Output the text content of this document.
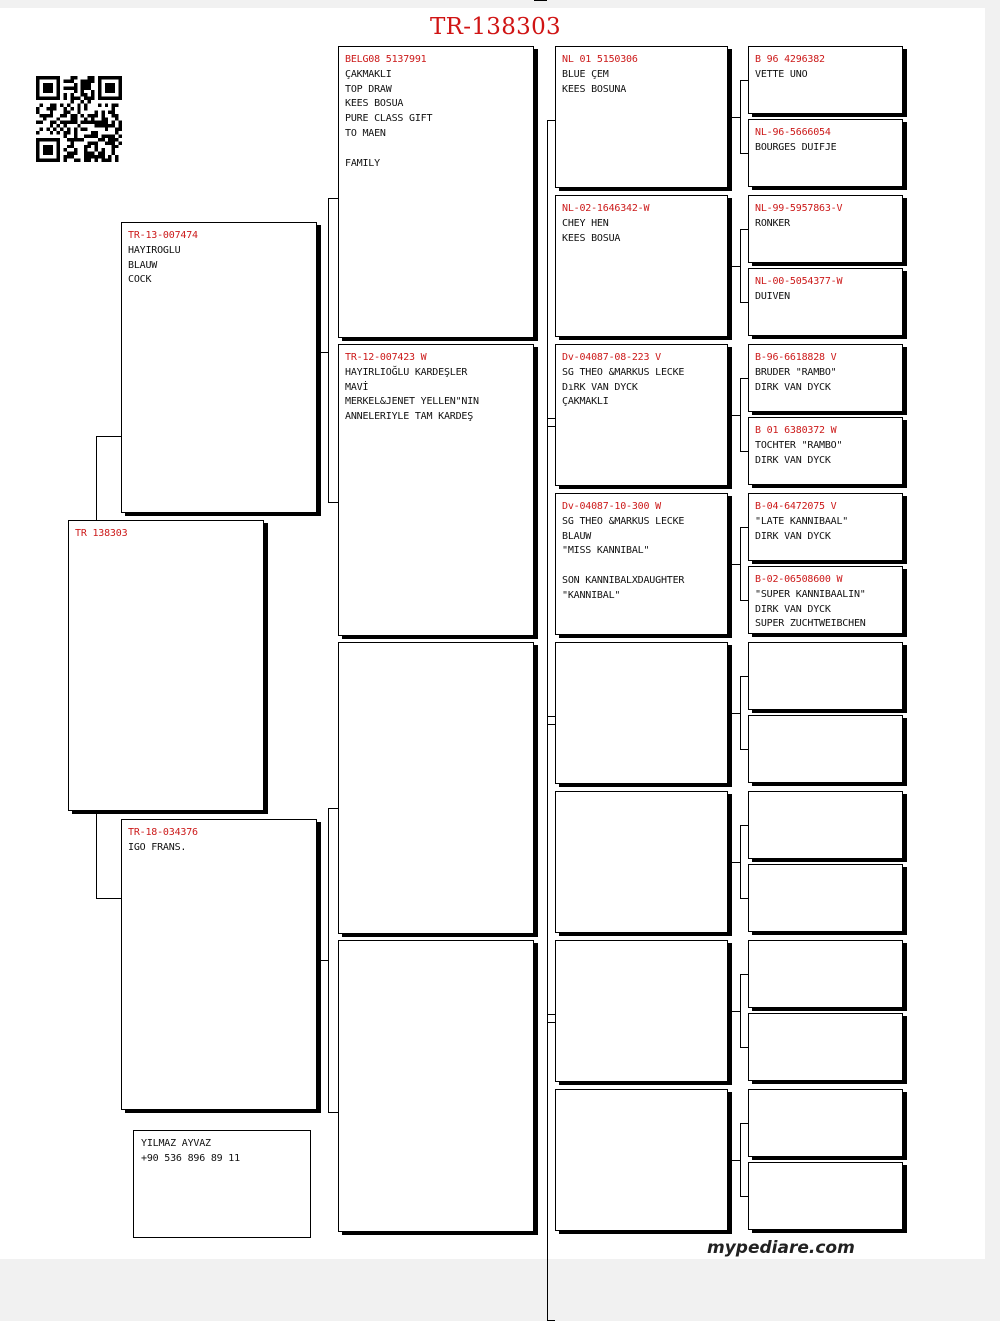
TR-138303
TR 138303
TR-13-007474
HAYIROGLU
BLAUW
COCK
TR-18-034376
IGO FRANS.
YILMAZ AYVAZ
+90 536 896 89 11
BELG08 5137991
ÇAKMAKLI
TOP DRAW
KEES BOSUA
PURE CLASS GIFT
TO MAEN

FAMILY
TR-12-007423 W
HAYIRLIOĞLU KARDEŞLER
MAVİ
MERKEL&JENET YELLEN"NIN
ANNELERIYLE TAM KARDEŞ
NL 01 5150306
BLUE ÇEM
KEES BOSUNA
NL-02-1646342-W
CHEY HEN
KEES BOSUA
Dv-04087-08-223 V
SG THEO &MARKUS LECKE
DıRK VAN DYCK
ÇAKMAKLI
Dv-04087-10-300 W
SG THEO &MARKUS LECKE
BLAUW
"MISS KANNIBAL"

SON KANNIBALXDAUGHTER
"KANNIBAL"
B 96 4296382
VETTE UNO
NL-96-5666054
BOURGES DUIFJE
NL-99-5957863-V
RONKER
NL-00-5054377-W
DUIVEN
B-96-6618828 V
BRUDER "RAMBO"
DIRK VAN DYCK
B 01 6380372 W
TOCHTER "RAMBO"
DIRK VAN DYCK
B-04-6472075 V
"LATE KANNIBAAL"
DIRK VAN DYCK
B-02-06508600 W
"SUPER KANNIBAALIN"
DIRK VAN DYCK
SUPER ZUCHTWEIBCHEN
mypediare.com
